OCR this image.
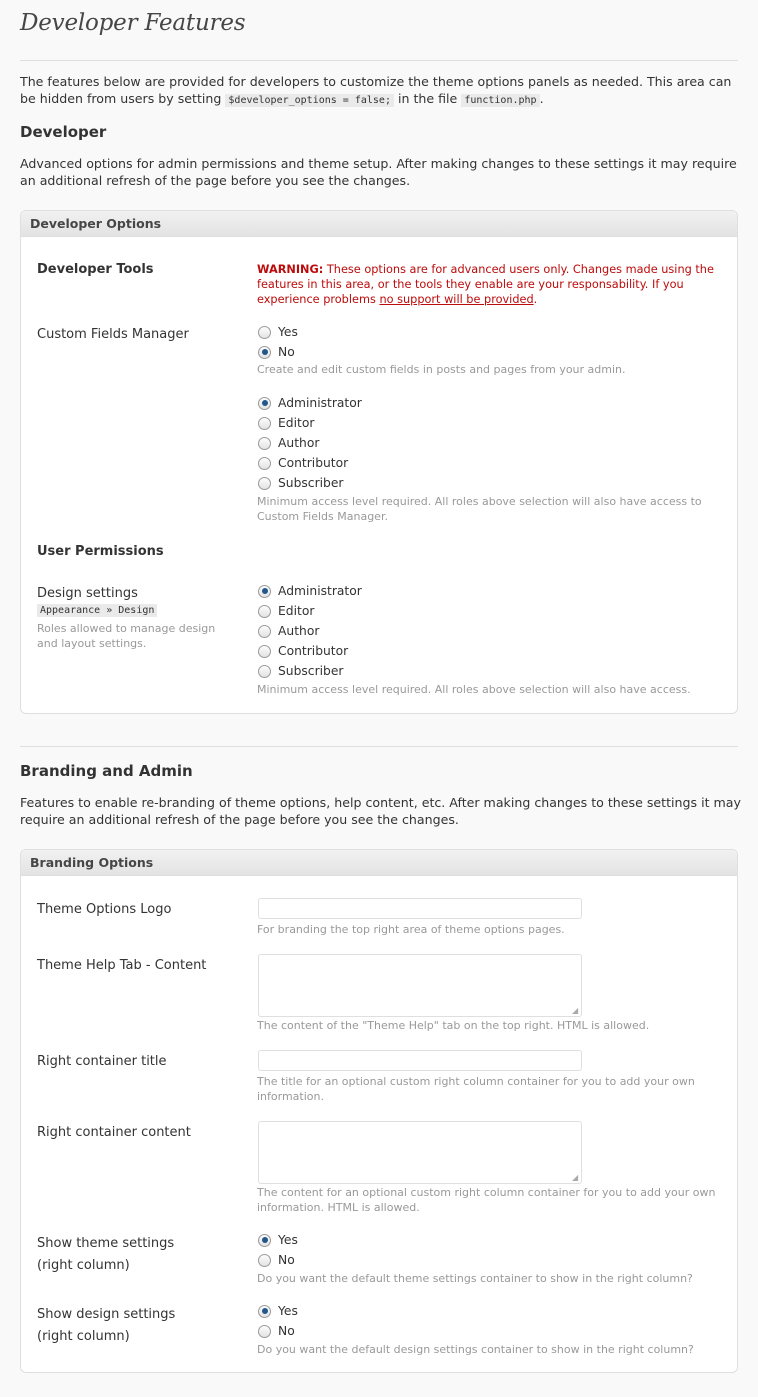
Developer Features

The features below are provided for developers to customize the theme options panels as needed. This area can be hidden from users by setting $developer_options = false; in the file function.php .

Developer

Advanced options for admin permissions and theme setup. After making changes to these settings it may require an additional refresh of the page before you see the changes.

Developer Options
Developer Tools	WARNING: These options are for advanced users only. Changes made using the features in this area, or the tools they enable are your responsability. If you experience problems no support will be provided.
Custom Fields Manager	Yes
No
Create and edit custom fields in posts and pages from your admin.
Administrator
Editor
Author
Contributor
Subscriber
Minimum access level required. All roles above selection will also have access to Custom Fields Manager.
User Permissions
Design settings
Appearance » Design
Roles allowed to manage design and layout settings.
Administrator
Editor
Author
Contributor
Subscriber
Minimum access level required. All roles above selection will also have access.
Branding and Admin

Features to enable re-branding of theme options, help content, etc. After making changes to these settings it may require an additional refresh of the page before you see the changes.

Branding Options
Theme Options Logo
For branding the top right area of theme options pages.
Theme Help Tab - Content
◢
The content of the "Theme Help" tab on the top right. HTML is allowed.
Right container title
The title for an optional custom right column container for you to add your own information.
Right container content
◢
The content for an optional custom right column container for you to add your own information. HTML is allowed.
Show theme settings
(right column)
Yes
No
Do you want the default theme settings container to show in the right column?
Show design settings
(right column)
Yes
No
Do you want the default design settings container to show in the right column?
